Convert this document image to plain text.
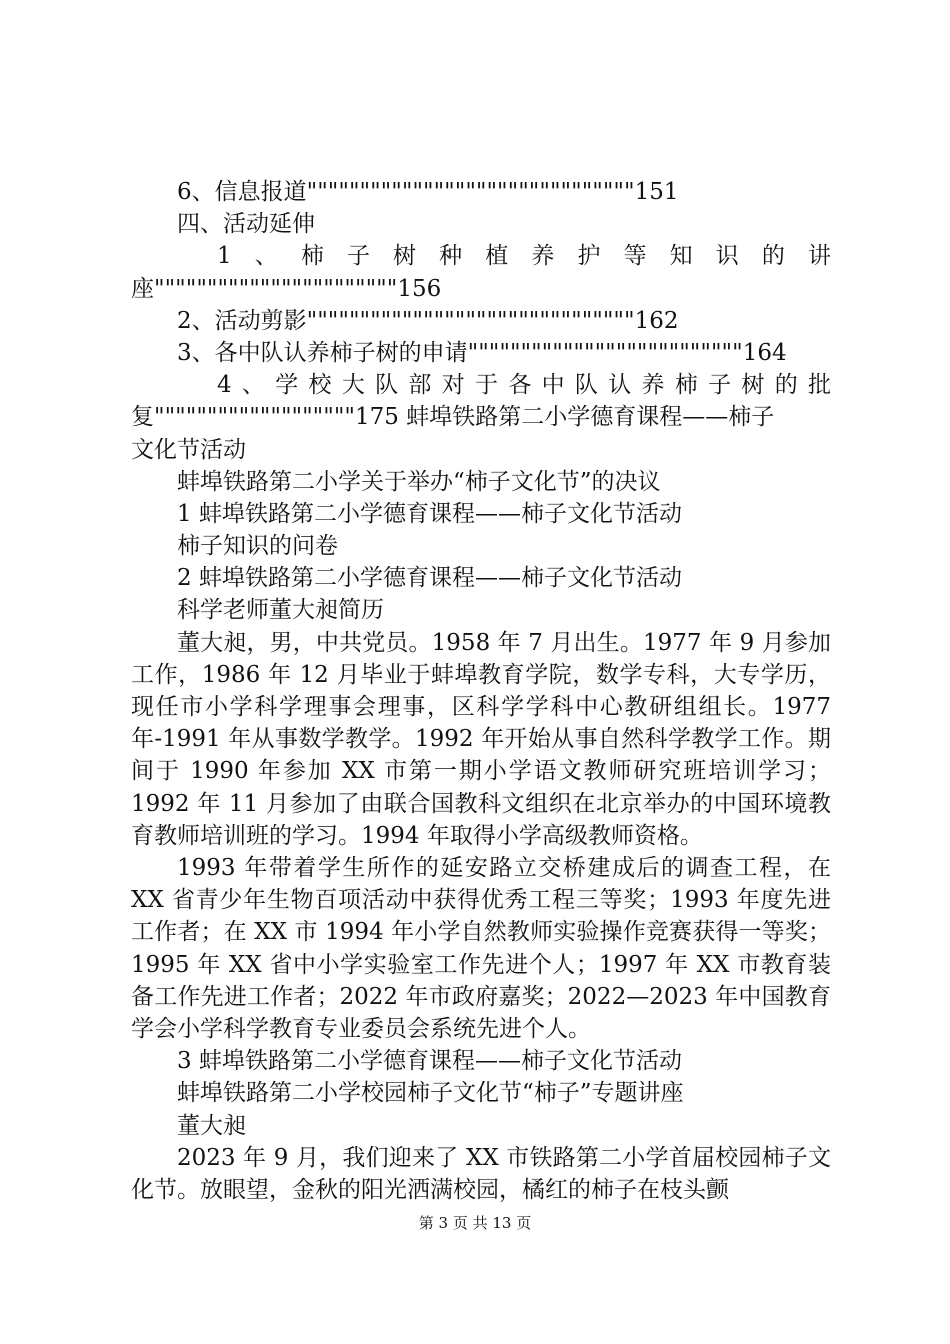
6、信息报道"""""""""""""""""""""""""""""""151
四、活动延伸
1、柿子树种植养护等知识的讲
座"""""""""""""""""""""""156
2、活动剪影"""""""""""""""""""""""""""""""162
3、各中队认养柿子树的申请""""""""""""""""""""""""""164
4、学校大队部对于各中队认养柿子树的批
复"""""""""""""""""""175 蚌埠铁路第二小学德育课程——柿子
文化节活动
蚌埠铁路第二小学关于举办“柿子文化节”的决议
1 蚌埠铁路第二小学德育课程——柿子文化节活动
柿子知识的问卷
2 蚌埠铁路第二小学德育课程——柿子文化节活动
科学老师董大昶简历
董大昶，男，中共党员。1958 年 7 月出生。1977 年 9 月参加工作，1986 年 12 月毕业于蚌埠教育学院，数学专科，大专学历，现任市小学科学理事会理事，区科学学科中心教研组组长。1977 年-1991 年从事数学教学。1992 年开始从事自然科学教学工作。期间于 1990 年参加 XX 市第一期小学语文教师研究班培训学习；1992 年 11 月参加了由联合国教科文组织在北京举办的中国环境教育教师培训班的学习。1994 年取得小学高级教师资格。
1993 年带着学生所作的延安路立交桥建成后的调查工程，在 XX 省青少年生物百项活动中获得优秀工程三等奖；1993 年度先进工作者；在 XX 市 1994 年小学自然教师实验操作竞赛获得一等奖；1995 年 XX 省中小学实验室工作先进个人；1997 年 XX 市教育装备工作先进工作者；2022 年市政府嘉奖；2022—2023 年中国教育学会小学科学教育专业委员会系统先进个人。
3 蚌埠铁路第二小学德育课程——柿子文化节活动
蚌埠铁路第二小学校园柿子文化节“柿子”专题讲座
董大昶
2023 年 9 月，我们迎来了 XX 市铁路第二小学首届校园柿子文化节。放眼望，金秋的阳光洒满校园，橘红的柿子在枝头颤
第 3 页 共 13 页
